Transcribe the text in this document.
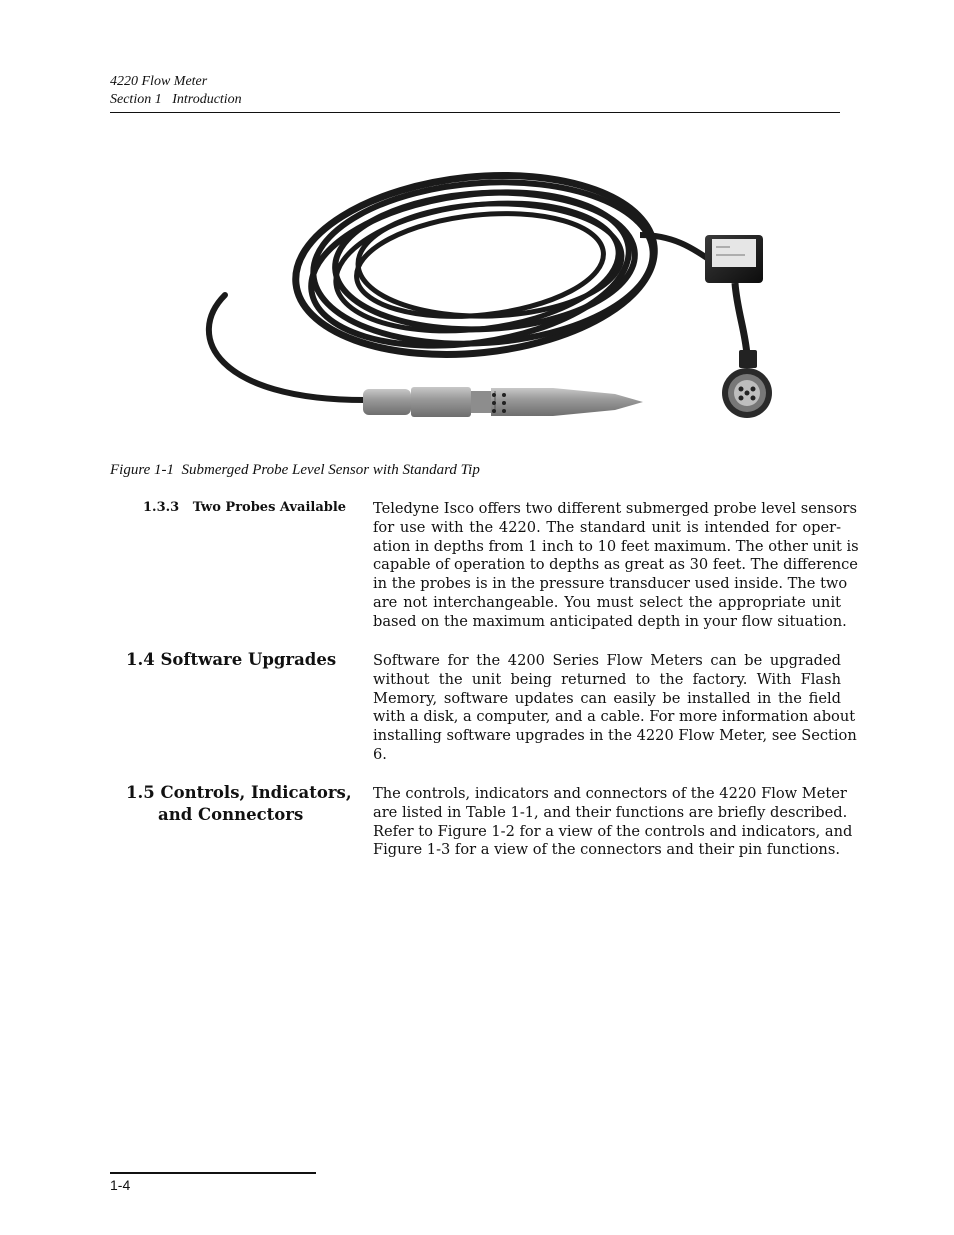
4220 Flow Meter
Section 1   Introduction
Figure 1-1  Submerged Probe Level Sensor with Standard Tip
1.3.3 Two Probes Available Teledyne Isco offers two different submerged probe level sensors
for use with the 4220. The standard unit is intended for oper-
ation in depths from 1 inch to 10 feet maximum. The other unit is
capable of operation to depths as great as 30 feet. The difference
in the probes is in the pressure transducer used inside. The two
are not interchangeable. You must select the appropriate unit
based on the maximum anticipated depth in your flow situation.
1.4 Software Upgrades	Software for the 4200 Series Flow Meters can be upgraded
without the unit being returned to the factory. With Flash
Memory, software updates can easily be installed in the field
with a disk, a computer, and a cable. For more information about
installing software upgrades in the 4220 Flow Meter, see Section
6.
1.5 Controls, Indicators,
and Connectors
The controls, indicators and connectors of the 4220 Flow Meter
are listed in Table 1-1, and their functions are briefly described.
Refer to Figure 1-2 for a view of the controls and indicators, and
Figure 1-3 for a view of the connectors and their pin functions.
1-4
